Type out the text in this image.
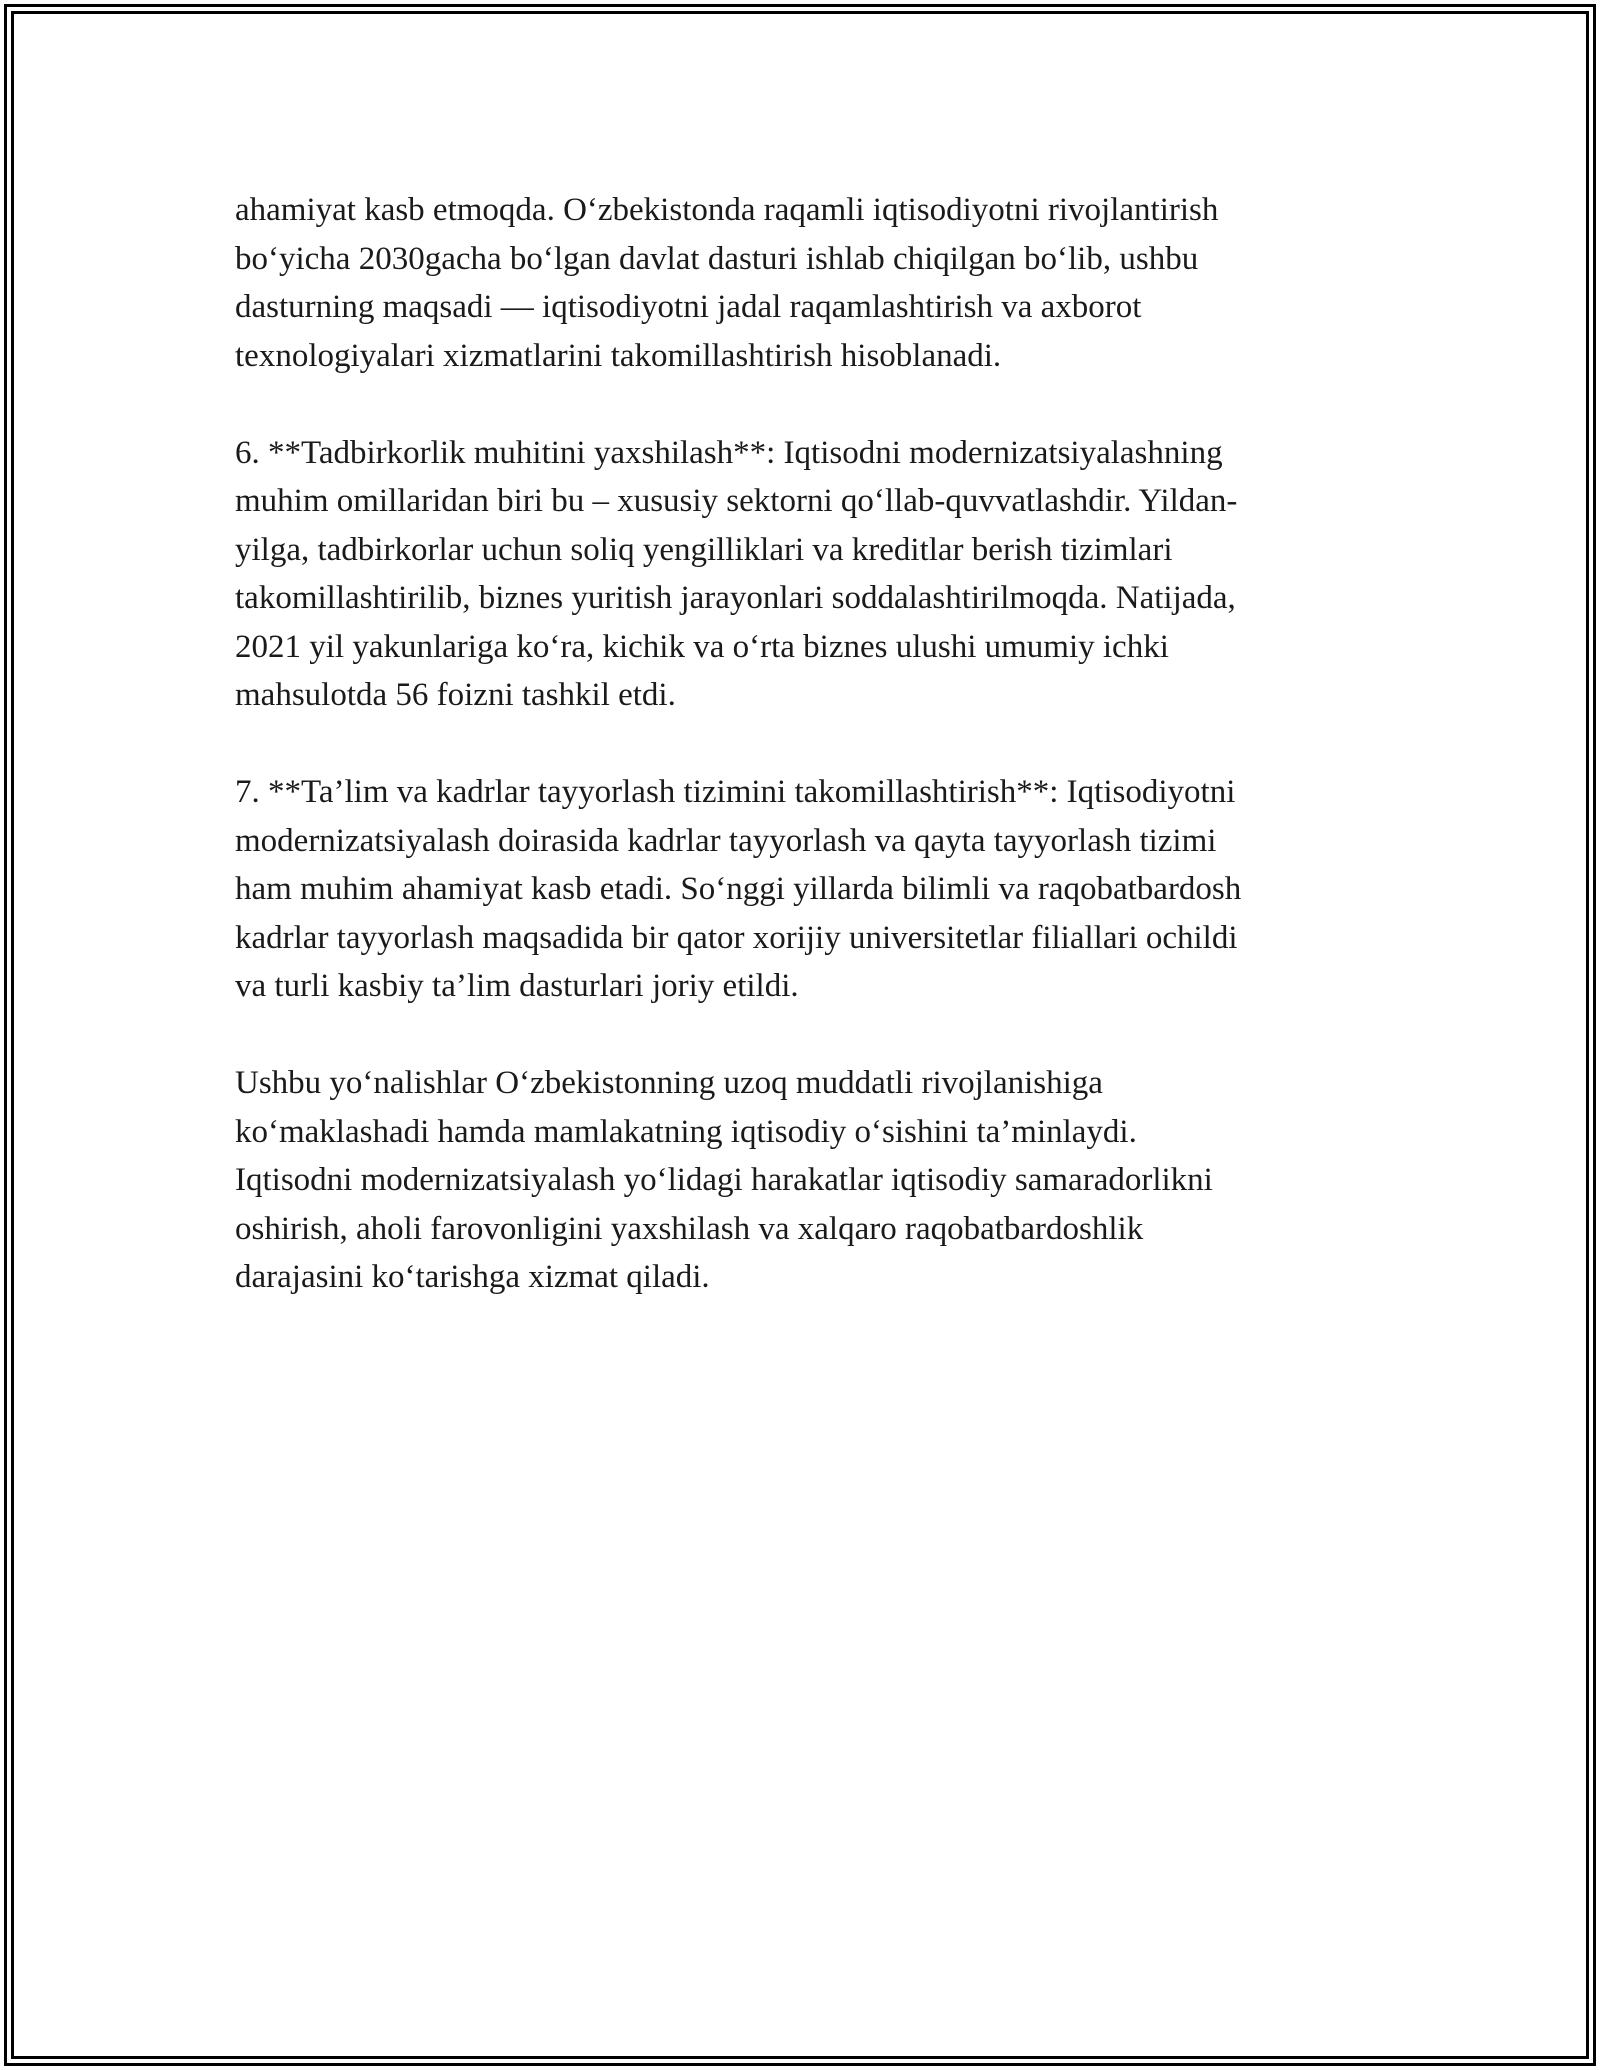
ahamiyat kasb etmoqda. O‘zbekistonda raqamli iqtisodiyotni rivojlantirish
bo‘yicha 2030gacha bo‘lgan davlat dasturi ishlab chiqilgan bo‘lib, ushbu
dasturning maqsadi — iqtisodiyotni jadal raqamlashtirish va axborot
texnologiyalari xizmatlarini takomillashtirish hisoblanadi.

6. **Tadbirkorlik muhitini yaxshilash**: Iqtisodni modernizatsiyalashning
muhim omillaridan biri bu – xususiy sektorni qo‘llab-quvvatlashdir. Yildan-
yilga, tadbirkorlar uchun soliq yengilliklari va kreditlar berish tizimlari
takomillashtirilib, biznes yuritish jarayonlari soddalashtirilmoqda. Natijada,
2021 yil yakunlariga ko‘ra, kichik va o‘rta biznes ulushi umumiy ichki
mahsulotda 56 foizni tashkil etdi.

7. **Ta’lim va kadrlar tayyorlash tizimini takomillashtirish**: Iqtisodiyotni
modernizatsiyalash doirasida kadrlar tayyorlash va qayta tayyorlash tizimi
ham muhim ahamiyat kasb etadi. So‘nggi yillarda bilimli va raqobatbardosh
kadrlar tayyorlash maqsadida bir qator xorijiy universitetlar filiallari ochildi
va turli kasbiy ta’lim dasturlari joriy etildi.

Ushbu yo‘nalishlar O‘zbekistonning uzoq muddatli rivojlanishiga
ko‘maklashadi hamda mamlakatning iqtisodiy o‘sishini ta’minlaydi.
Iqtisodni modernizatsiyalash yo‘lidagi harakatlar iqtisodiy samaradorlikni
oshirish, aholi farovonligini yaxshilash va xalqaro raqobatbardoshlik
darajasini ko‘tarishga xizmat qiladi.
